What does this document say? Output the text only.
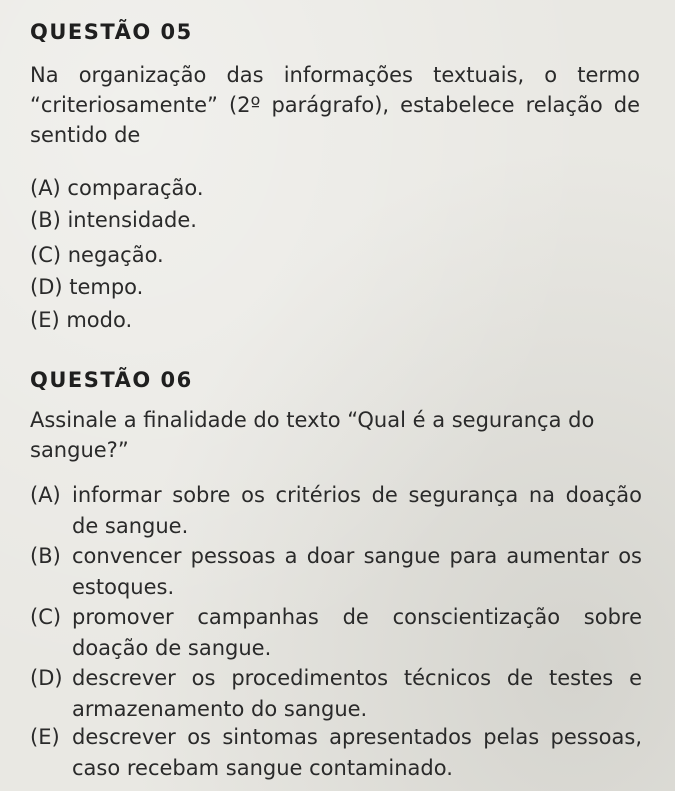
QUESTÃO 05
Na organização das informações textuais, o termo “criteriosamente” (2º parágrafo), estabelece relação de sentido de
(A) comparação.
(B) intensidade.
(C) negação.
(D) tempo.
(E) modo.
QUESTÃO 06
Assinale a finalidade do texto “Qual é a segurança do sangue?”
(A) informar sobre os critérios de segurança na doação de sangue.
(B) convencer pessoas a doar sangue para aumentar os estoques.
(C) promover campanhas de conscientização sobre doação de sangue.
(D) descrever os procedimentos técnicos de testes e armazenamento do sangue.
(E) descrever os sintomas apresentados pelas pessoas, caso recebam sangue contaminado.
